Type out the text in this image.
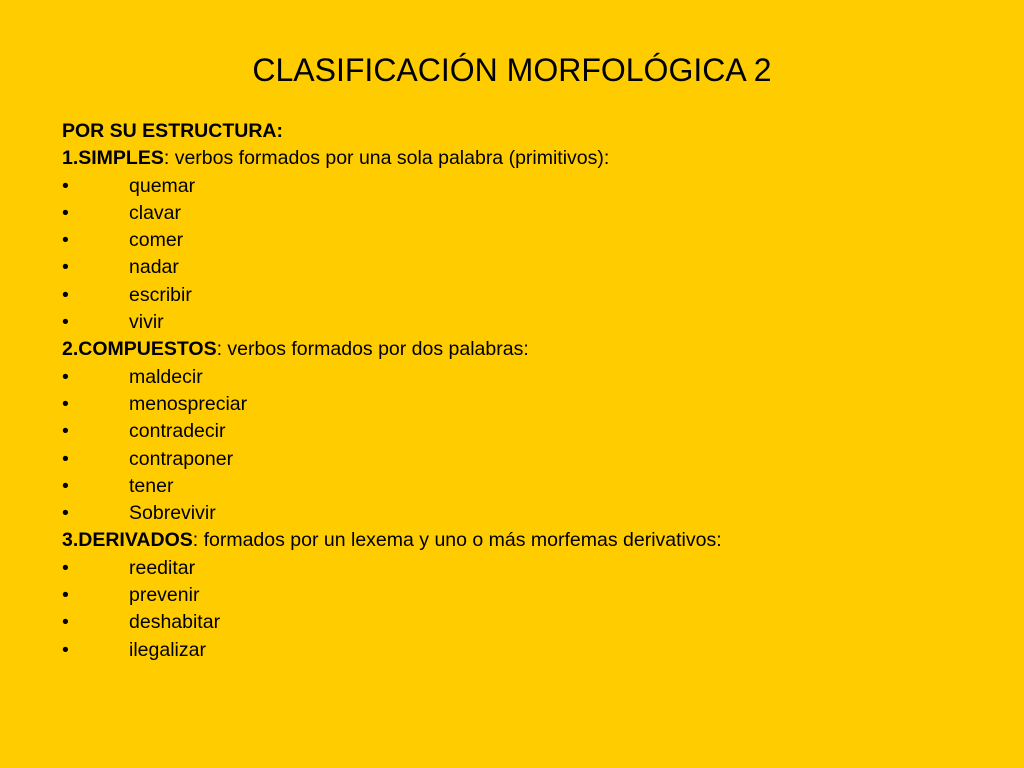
CLASIFICACIÓN MORFOLÓGICA 2
POR SU ESTRUCTURA:
1.SIMPLES: verbos formados por una sola palabra (primitivos):
•	quemar
•	clavar
•	comer
•	nadar
•	escribir
•	vivir
2.COMPUESTOS: verbos formados por dos palabras:
•	maldecir
•	menospreciar
•	contradecir
•	contraponer
•	tener
•	Sobrevivir
3.DERIVADOS: formados por un lexema y uno o más morfemas derivativos:
•	reeditar
•	prevenir
•	deshabitar
•	ilegalizar
